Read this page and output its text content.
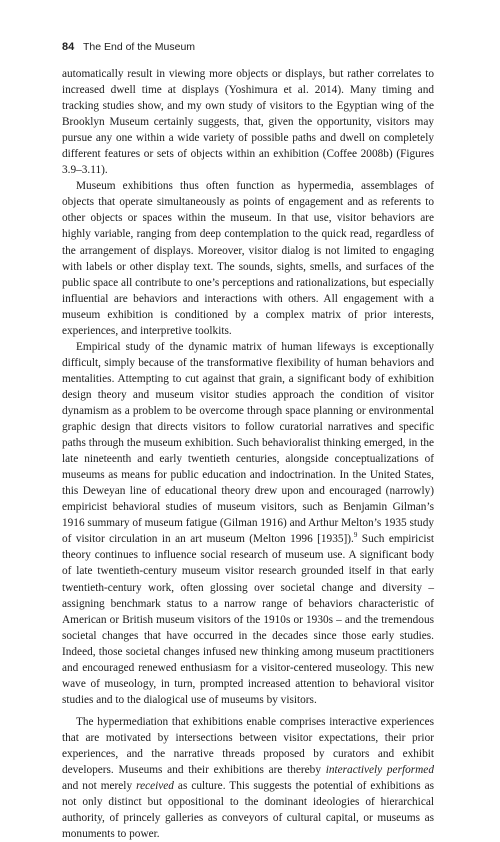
84 The End of the Museum

automatically result in viewing more objects or displays, but rather correlates to increased dwell time at displays (Yoshimura et al. 2014). Many timing and tracking studies show, and my own study of visitors to the Egyptian wing of the Brooklyn Museum certainly suggests, that, given the opportunity, visitors may pursue any one within a wide variety of possible paths and dwell on completely different features or sets of objects within an exhibition (Coffee 2008b) (Figures 3.9–3.11).

Museum exhibitions thus often function as hypermedia, assemblages of objects that operate simultaneously as points of engagement and as referents to other objects or spaces within the museum. In that use, visitor behaviors are highly variable, ranging from deep contemplation to the quick read, regardless of the arrangement of displays. Moreover, visitor dialog is not limited to engaging with labels or other display text. The sounds, sights, smells, and surfaces of the public space all contribute to one’s perceptions and rationalizations, but especially influential are behaviors and interactions with others. All engagement with a museum exhibition is conditioned by a complex matrix of prior interests, experiences, and interpretive toolkits.

Empirical study of the dynamic matrix of human lifeways is exceptionally difficult, simply because of the transformative flexibility of human behaviors and mentalities. Attempting to cut against that grain, a significant body of exhibition design theory and museum visitor studies approach the condition of visitor dynamism as a problem to be overcome through space planning or environmental graphic design that directs visitors to follow curatorial narratives and specific paths through the museum exhibition. Such behavioralist thinking emerged, in the late nineteenth and early twentieth centuries, alongside conceptualizations of museums as means for public education and indoctrination. In the United States, this Deweyan line of educational theory drew upon and encouraged (narrowly) empiricist behavioral studies of museum visitors, such as Benjamin Gilman’s 1916 summary of museum fatigue (Gilman 1916) and Arthur Melton’s 1935 study of visitor circulation in an art museum (Melton 1996 [1935]).$^9$ Such empiricist theory continues to influence social research of museum use. A significant body of late twentieth-century museum visitor research grounded itself in that early twentieth-century work, often glossing over societal change and diversity – assigning benchmark status to a narrow range of behaviors characteristic of American or British museum visitors of the 1910s or 1930s – and the tremendous societal changes that have occurred in the decades since those early studies. Indeed, those societal changes infused new thinking among museum practitioners and encouraged renewed enthusiasm for a visitor-centered museology. This new wave of museology, in turn, prompted increased attention to behavioral visitor studies and to the dialogical use of museums by visitors.

The hypermediation that exhibitions enable comprises interactive experiences that are motivated by intersections between visitor expectations, their prior experiences, and the narrative threads proposed by curators and exhibit developers. Museums and their exhibitions are thereby interactively performed and not merely received as culture. This suggests the potential of exhibitions as not only distinct but oppositional to the dominant ideologies of hierarchical authority, of princely galleries as conveyors of cultural capital, or museums as monuments to power.
